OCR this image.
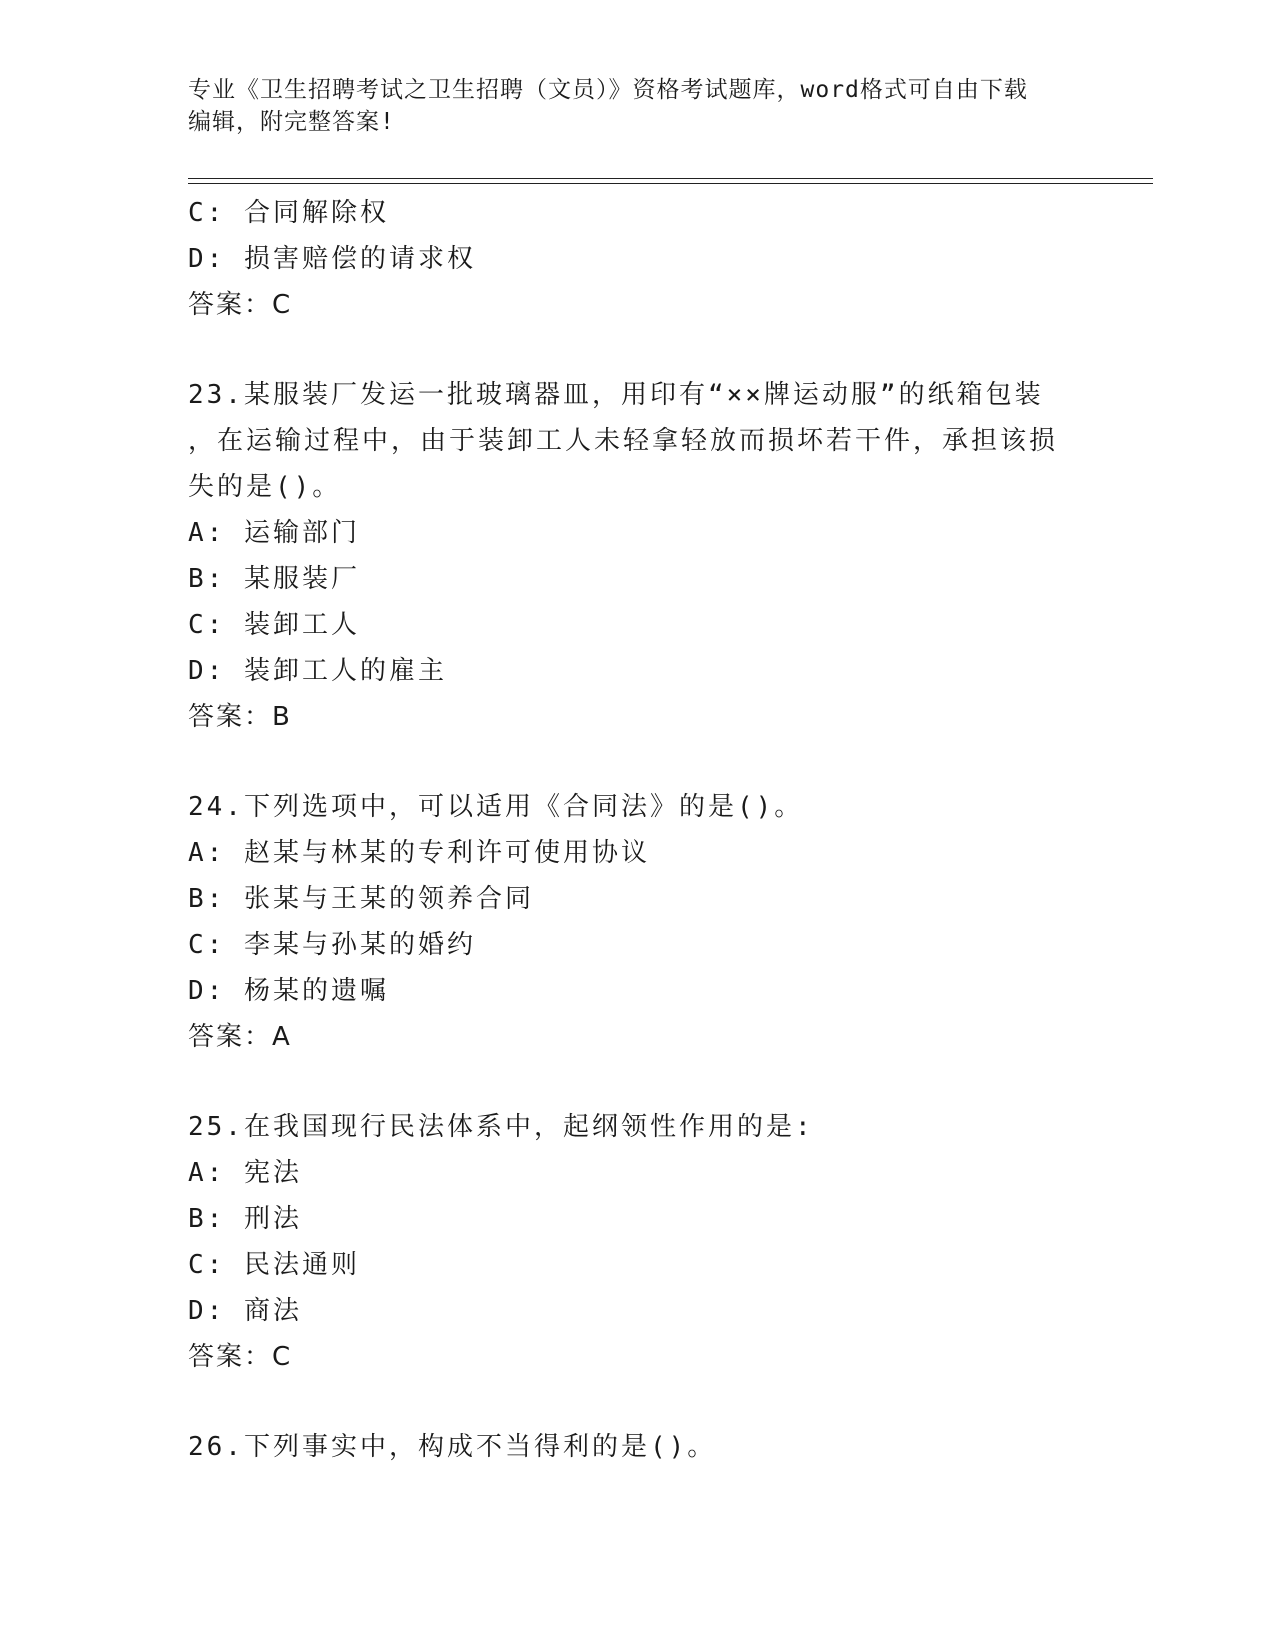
专业《卫生招聘考试之卫生招聘（文员）》资格考试题库，word格式可自由下载
编辑，附完整答案!
C: 合同解除权
D: 损害赔偿的请求权
答案：C
23.某服装厂发运一批玻璃器皿，用印有“××牌运动服”的纸箱包装
，在运输过程中，由于装卸工人未轻拿轻放而损坏若干件，承担该损
失的是()。
A: 运输部门
B: 某服装厂
C: 装卸工人
D: 装卸工人的雇主
答案：B
24.下列选项中，可以适用《合同法》的是()。
A: 赵某与林某的专利许可使用协议
B: 张某与王某的领养合同
C: 李某与孙某的婚约
D: 杨某的遗嘱
答案：A
25.在我国现行民法体系中，起纲领性作用的是:
A: 宪法
B: 刑法
C: 民法通则
D: 商法
答案：C
26.下列事实中，构成不当得利的是()。
